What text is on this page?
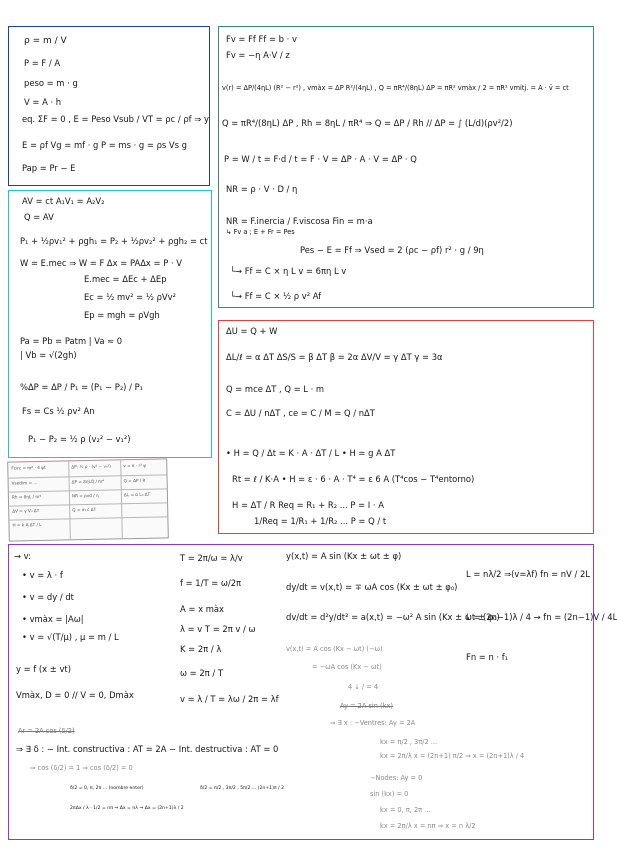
ρ = m / V
P = F / A
peso = m · g
V = A · h
eq. ΣF = 0 , E = Peso Vsub / VT = ρc / ρf ⇒ y
E = ρf Vg = mf · g P = ms · g = ρs Vs g
Pap = Pr − E
AV = ct A₁V₁ = A₂V₂
Q = AV
P₁ + ½ρv₁² + ρgh₁ = P₂ + ½ρv₂² + ρgh₂ = ct
W = E.mec ⇒ W = F Δx = PAΔx = P · V
E.mec = ΔEc + ΔEp
Ec = ½ mv² = ½ ρVv²
Ep = mgh = ρVgh
Pa = Pb = Patm | Va ≈ 0
| Vb = √(2gh)
%ΔP = ΔP / P₁ = (P₁ − P₂) / P₁
Fs = Cs ½ ρv² An
P₁ − P₂ = ½ ρ (v₂² − v₁²)
Fv = Ff Ff = b · v
Fv = −η A·V / z
v(r) = ΔP/(4ηL) (R² − r²) , vmàx = ΔP R²/(4ηL) , Q = πR⁴/(8ηL) ΔP = πR² vmàx / 2 = πR² vmitj. = A · v̄ = ct
Q = πR⁴/(8ηL) ΔP , Rh = 8ηL / πR⁴ ⇒ Q = ΔP / Rh // ΔP = ∫ (L/d)(ρv²/2)
P = W / t = F·d / t = F · V = ΔP · A · V = ΔP · Q
NR = ρ · V · D / η
NR = F.inercia / F.viscosa Fin = m·a
↳ Fv a ; E + Fr = Pes
Pes − E = Ff ⇒ Vsed = 2 (ρc − ρf) r² · g / 9η
└→ Ff = C × η L v = 6πη L v
└→ Ff = C × ½ ρ v² Af
ΔU = Q + W
ΔL/ℓ = α ΔT ΔS/S = β ΔT β = 2α ΔV/V = γ ΔT γ = 3α
Q = mce ΔT , Q = L · m
C = ΔU / nΔT , ce = C / M = Q / nΔT
• H = Q / Δt = K · A · ΔT / L • H = g A ΔT
Rt = ℓ / K·A • H = ε · 6 · A · T⁴ = ε 6 A (T⁴cos − T⁴entorno)
H = ΔT / R Req = R₁ + R₂ ... P = I · A
1/Req = 1/R₁ + 1/R₂ ... P = Q / t
Fcirc = πr² · 4 ψt	ΔP: ½ ρ · (v² − v₀²)	v = π · r² ψ
Vsedim = ...	ΔP = 8ηLQ / πr⁴	Q = ΔP / R
Rh = 8ηL / πr⁴	NR = ρvd / η	ΔL = α L₀ ΔT
ΔV = γ V₀ ΔT	Q = m c ΔT
H = k A ΔT / L
→ v:
• v = λ · f
• v = dy / dt
• vmàx = |Aω|
• v = √(T/μ) , μ = m / L
y = f (x ± vt)
Vmàx, D = 0 // V = 0, Dmàx
T = 2π/ω = λ/v
f = 1/T = ω/2π
A = x màx
λ = v T = 2π v / ω
K = 2π / λ
ω = 2π / T
v = λ / T = λω / 2π = λf
y(x,t) = A sin (Kx ± ωt ± φ)
dy/dt = v(x,t) = ∓ ωA cos (Kx ± ωt ± φ₀)
dv/dt = d²y/dt² = a(x,t) = −ω² A sin (Kx ± ωt ± φ₀)
L = nλ/2 ⇒(v=λf) fn = nV / 2L
L = (2n−1)λ / 4 → fn = (2n−1)V / 4L
Fn = n · f₁
v(x,t) = A cos (Kx − ωt) (−ω)
= −ωA cos (Kx − ωt)
4 ↓ / = 4
Ay = 2A sin (kx)
⇒ ∃ x : −Ventres: Ay = 2A
kx = π/2 , 3π/2 ...
kx = 2π/λ x = (2n+1) π/2 ⇒ x = (2n+1)λ / 4
−Nodes: Ay = 0
sin (kx) = 0
kx = 0, π, 2π ...
kx = 2π/λ x = nπ ⇒ x = n λ/2
Ar = 2A cos (δ/2)
⇒ ∃ δ : − Int. constructiva : AT = 2A − Int. destructiva : AT = 0
⇒ cos (δ/2) = 1 ⇒ cos (δ/2) = 0
δ/2 = 0, π, 2π ... (nombre enter)	δ/2 = π/2 , 3π/2 , 5π/2 ... (2n+1)π / 2
2πΔx / λ · 1/2 = nπ ⇒ Δx = nλ ⇒ Δx = (2n+1)λ / 2
